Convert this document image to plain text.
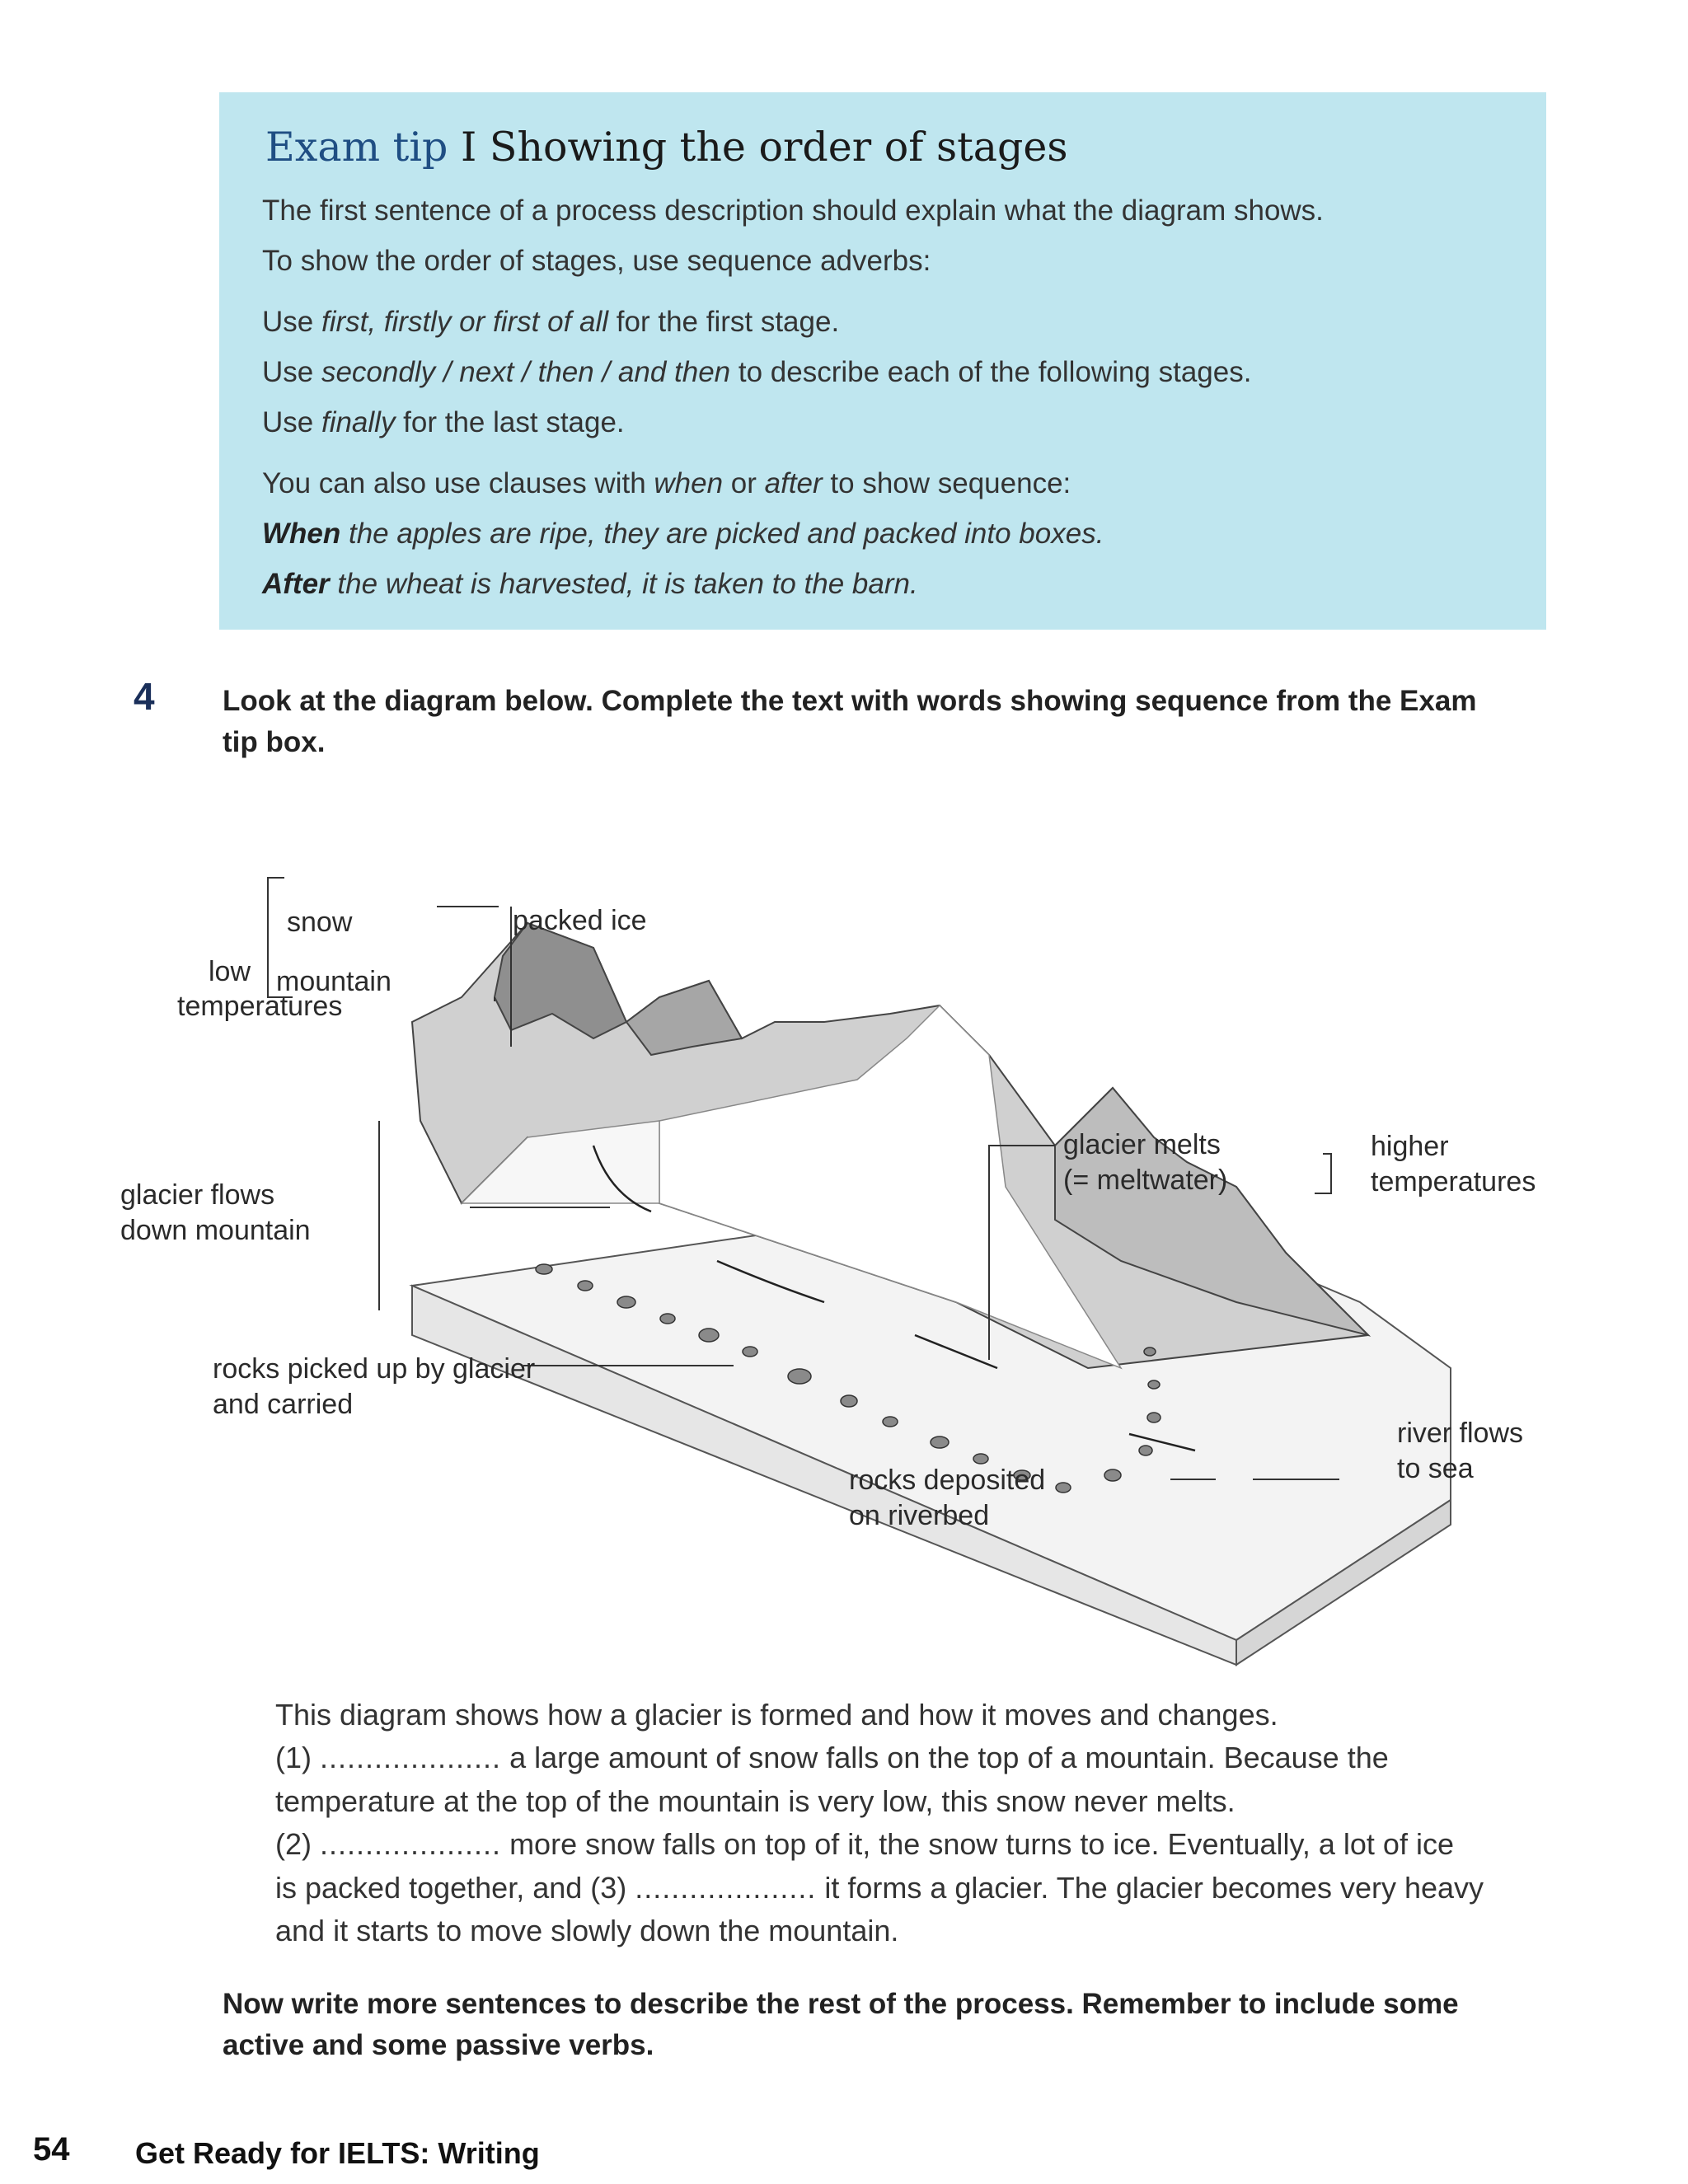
Exam tip I Showing the order of stages

The first sentence of a process description should explain what the diagram shows.

To show the order of stages, use sequence adverbs:

Use first, firstly or first of all for the first stage.

Use secondly / next / then / and then to describe each of the following stages.

Use finally for the last stage.

You can also use clauses with when or after to show sequence:

When the apples are ripe, they are picked and packed into boxes.

After the wheat is harvested, it is taken to the barn.

4 Look at the diagram below. Complete the text with words showing sequence from the Exam

tip box.

low
temperatures
snow	packed ice
mountain
glacier flows
down mountain
glacier melts
(= meltwater)
higher
temperatures
rocks picked up by glacier
and carried
river flows
to sea
rocks deposited
on riverbed

This diagram shows how a glacier is formed and how it moves and changes.

(1) .................... a large amount of snow falls on the top of a mountain. Because the

temperature at the top of the mountain is very low, this snow never melts.

(2) .................... more snow falls on top of it, the snow turns to ice. Eventually, a lot of ice

is packed together, and (3) .................... it forms a glacier. The glacier becomes very heavy

and it starts to move slowly down the mountain.

Now write more sentences to describe the rest of the process. Remember to include some

active and some passive verbs.

54 Get Ready for IELTS: Writing
